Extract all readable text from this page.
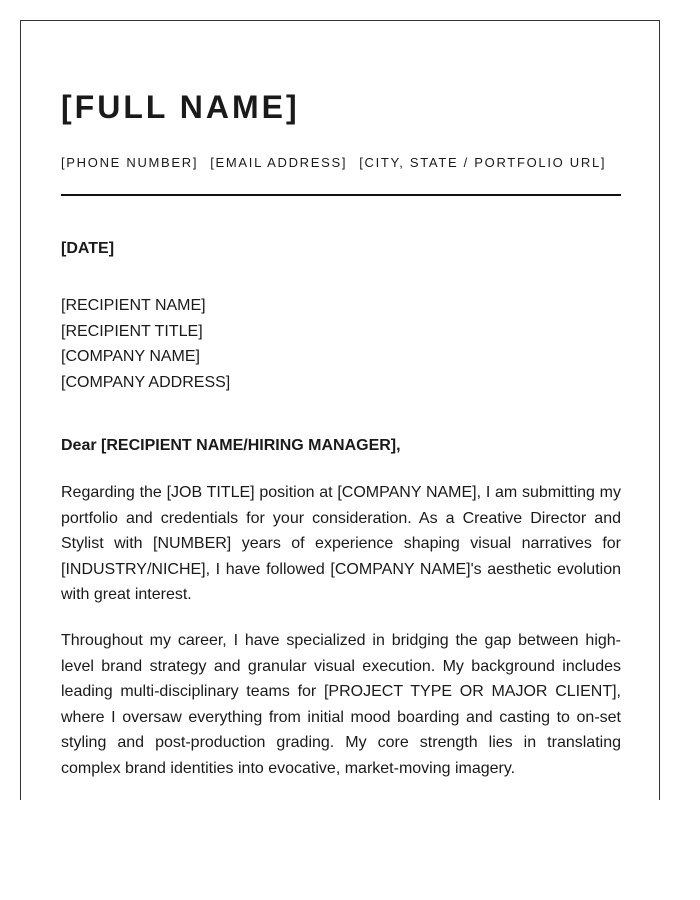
[FULL NAME]
[PHONE NUMBER] [EMAIL ADDRESS] [CITY, STATE / PORTFOLIO URL]
[DATE]
[RECIPIENT NAME]
[RECIPIENT TITLE]
[COMPANY NAME]
[COMPANY ADDRESS]
Dear [RECIPIENT NAME/HIRING MANAGER],
Regarding the [JOB TITLE] position at [COMPANY NAME], I am submitting my portfolio and credentials for your consideration. As a Creative Director and Stylist with [NUMBER] years of experience shaping visual narratives for [INDUSTRY/NICHE], I have followed [COMPANY NAME]'s aesthetic evolution with great interest.
Throughout my career, I have specialized in bridging the gap between high-level brand strategy and granular visual execution. My background includes leading multi-disciplinary teams for [PROJECT TYPE OR MAJOR CLIENT], where I oversaw everything from initial mood boarding and casting to on-set styling and post-production grading. My core strength lies in translating complex brand identities into evocative, market-moving imagery.
